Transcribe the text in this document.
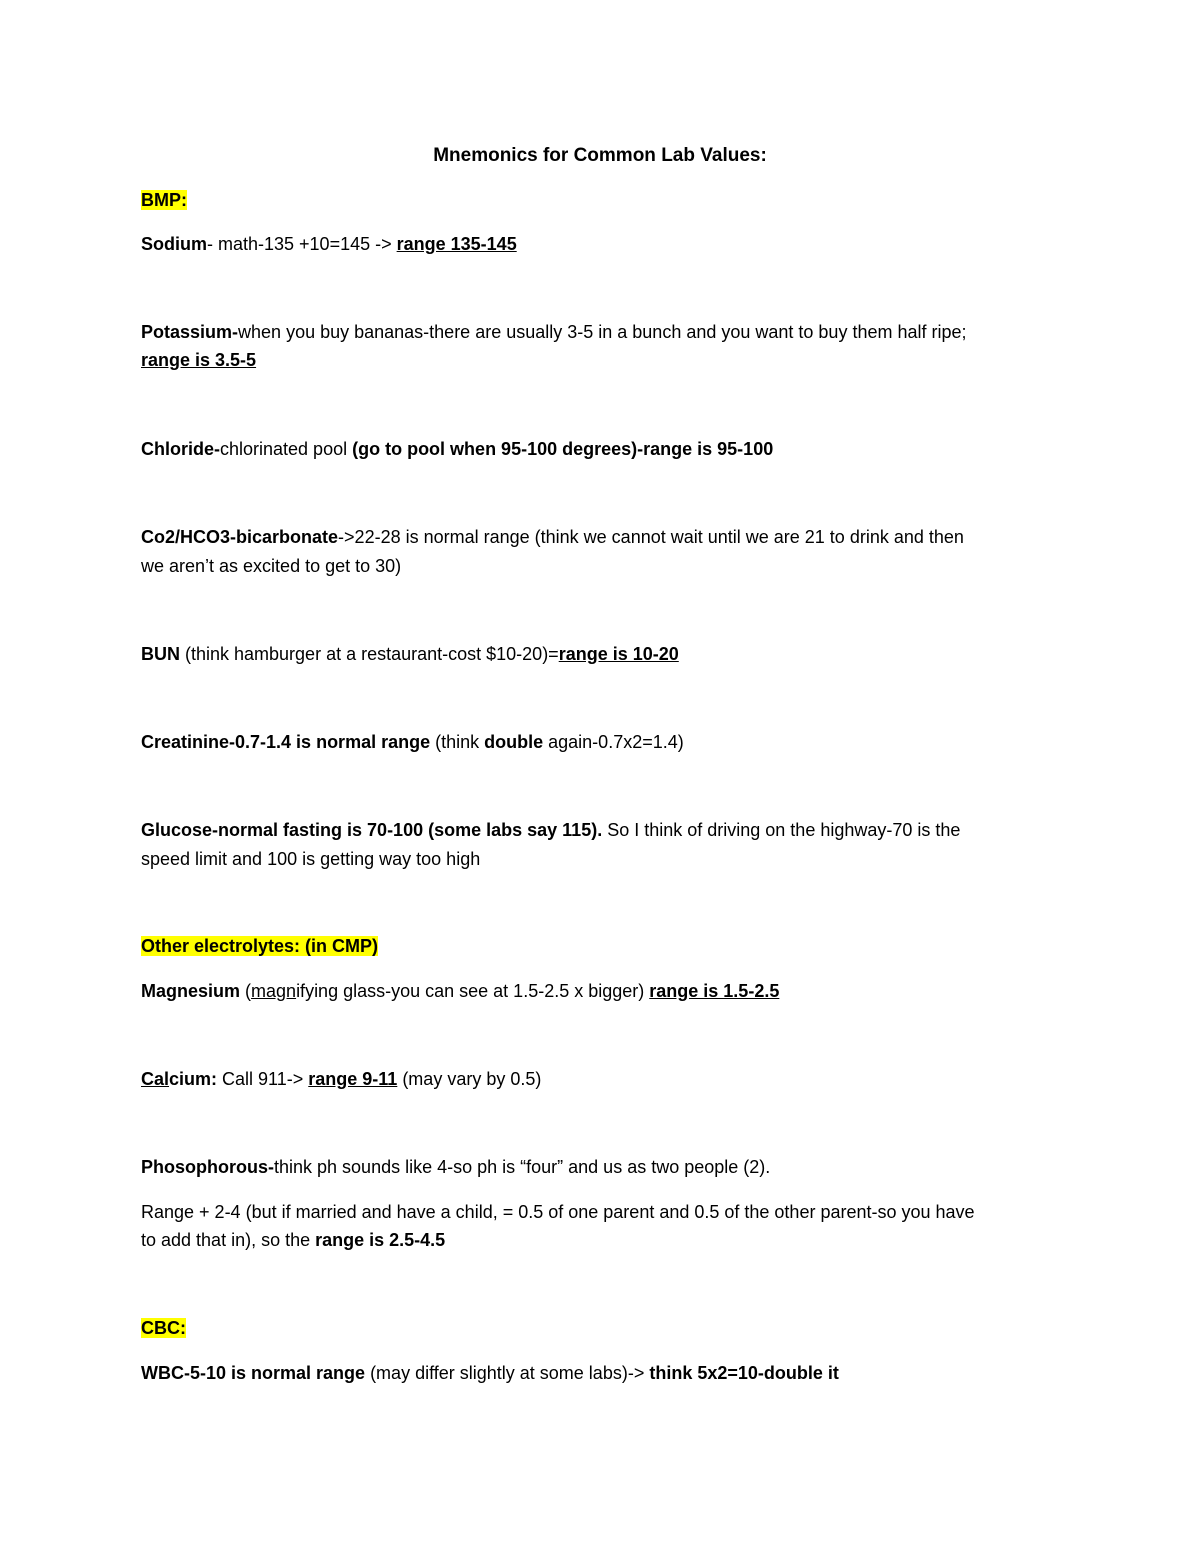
Mnemonics for Common Lab Values:
BMP:
Sodium- math-135 +10=145 -> range 135-145
Potassium-when you buy bananas-there are usually 3-5 in a bunch and you want to buy them half ripe;
range is 3.5-5
Chloride-chlorinated pool (go to pool when 95-100 degrees)-range is 95-100
Co2/HCO3-bicarbonate->22-28 is normal range (think we cannot wait until we are 21 to drink and then
we aren’t as excited to get to 30)
BUN (think hamburger at a restaurant-cost $10-20)=range is 10-20
Creatinine-0.7-1.4 is normal range (think double again-0.7x2=1.4)
Glucose-normal fasting is 70-100 (some labs say 115). So I think of driving on the highway-70 is the
speed limit and 100 is getting way too high
Other electrolytes: (in CMP)
Magnesium (magnifying glass-you can see at 1.5-2.5 x bigger) range is 1.5-2.5
Calcium: Call 911-> range 9-11 (may vary by 0.5)
Phosophorous-think ph sounds like 4-so ph is “four” and us as two people (2).
Range + 2-4 (but if married and have a child, = 0.5 of one parent and 0.5 of the other parent-so you have
to add that in), so the range is 2.5-4.5
CBC:
WBC-5-10 is normal range (may differ slightly at some labs)-> think 5x2=10-double it
